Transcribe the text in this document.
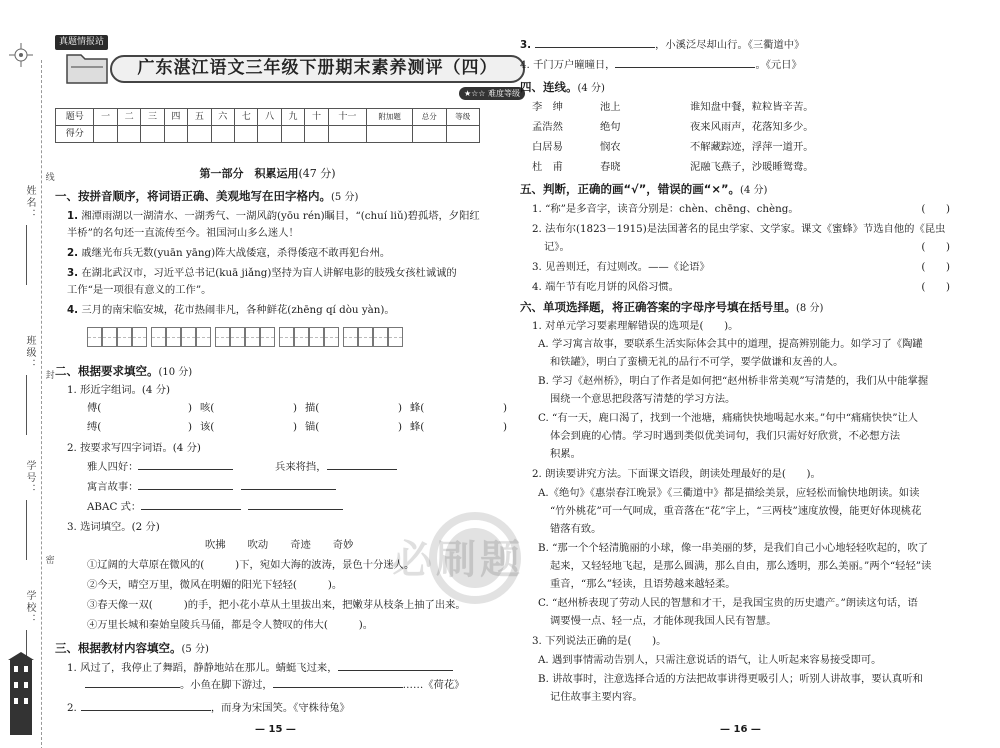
姓名：
线
班级：
封
学号：
密
学校：
真题情报站
广东湛江语文三年级下册期末素养测评（四）
★☆☆ 难度等级
题号	一	二	三	四	五	六	七	八	九	十	十一	附加题	总分	等级
得分														
第一部分　积累运用(47 分)
一、按拼音顺序，将词语正确、美观地写在田字格内。(5 分)
1. 湘潭雨湖以一湖清水、一湖秀气、一湖风韵(yōu rén)瞩目，“(chuí liǔ)碧孤塔，夕阳红
半桥”的名句还一直流传至今。祖国河山多么迷人！
2. 戚继光布兵无数(yuān yāng)阵大战倭寇，杀得倭寇不敢再犯台州。
3. 在湖北武汉市，习近平总书记(kuā jiǎng)坚持为盲人讲解电影的肢残女孩杜诚诚的
工作“是一项很有意义的工作”。
4. 三月的南宋临安城，花市热闹非凡，各种鲜花(zhēng qí dòu yàn)。
二、根据要求填空。(10 分)
1. 形近字组词。(4 分)
傅(	) 咳(	) 描(	) 蜂(	)
缚(	) 该(	) 锚(	) 蜂(	)
2. 按要求写四字词语。(4 分)
雅人四好：	兵来将挡，
寓言故事：
ABAC 式：
3. 选词填空。(2 分)
吹拂 吹动 奇迹 奇妙
①辽阔的大草原在微风的(　　　)下，宛如大海的波涛，景色十分迷人。
②今天，晴空万里，微风在明媚的阳光下轻轻(　　　)。
③春天像一双(　　　)的手，把小花小草从土里拔出来，把嫩芽从枝条上抽了出来。
④万里长城和秦始皇陵兵马俑，都是令人赞叹的伟大(　　　)。
三、根据教材内容填空。(5 分)
1. 风过了，我停止了舞蹈，静静地站在那儿。蜻蜓飞过来，
。小鱼在脚下游过，	……《荷花》
2.	，而身为宋国笑。《守株待兔》
— 15 —
必刷题
3.	，小溪泛尽却山行。《三衢道中》
4. 千门万户曈曈日，	。《元日》
四、连线。(4 分)
李　绅	池上	谁知盘中餐，粒粒皆辛苦。
孟浩然	绝句	夜来风雨声，花落知多少。
白居易	悯农	不解藏踪迹，浮萍一道开。
杜　甫	春晓	泥融飞燕子，沙暖睡鸳鸯。
五、判断，正确的画“√”，错误的画“×”。(4 分)
1. “称”是多音字，读音分别是：chèn、chēng、chèng。	(　　)
2. 法布尔(1823－1915)是法国著名的昆虫学家、文学家。课文《蜜蜂》节选自他的《昆虫
记》。	(　　)
3. 见善则迁，有过则改。——《论语》	(　　)
4. 端午节有吃月饼的风俗习惯。	(　　)
六、单项选择题，将正确答案的字母序号填在括号里。(8 分)
1. 对单元学习要素理解错误的选项是(　　)。
A. 学习寓言故事，要联系生活实际体会其中的道理，提高辨别能力。如学习了《陶罐
和铁罐》，明白了蛮横无礼的品行不可学，要学做谦和友善的人。
B. 学习《赵州桥》，明白了作者是如何把“赵州桥非常美观”写清楚的，我们从中能掌握
围绕一个意思把段落写清楚的学习方法。
C. “有一天，鹿口渴了，找到一个池塘，痛痛快快地喝起水来。”句中“痛痛快快”让人
体会到鹿的心情。学习时遇到类似优美词句，我们只需好好欣赏，不必想方法
积累。
2. 朗读要讲究方法。下面课文语段，朗读处理最好的是(　　)。
A.《绝句》《惠崇春江晚景》《三衢道中》都是描绘美景，应轻松而愉快地朗读。如读
“竹外桃花”可一气呵成，重音落在“花”字上，“三两枝”速度放慢，能更好体现桃花
错落有致。
B. “那一个个轻清脆丽的小球，像一串美丽的梦，是我们自己小心地轻轻吹起的，吹了
起来，又轻轻地飞起，是那么圆满，那么自由，那么透明，那么美丽。”两个“轻轻”读
重音，“那么”轻读，且语势越来越轻柔。
C. “赵州桥表现了劳动人民的智慧和才干，是我国宝贵的历史遗产。”朗读这句话，语
调要慢一点、轻一点，才能体现我国人民有智慧。
3. 下列说法正确的是(　　)。
A. 遇到事情需动告别人，只需注意说话的语气，让人听起来容易接受即可。
B. 讲故事时，注意选择合适的方法把故事讲得更吸引人；听别人讲故事，要认真听和
记住故事主要内容。
— 16 —
